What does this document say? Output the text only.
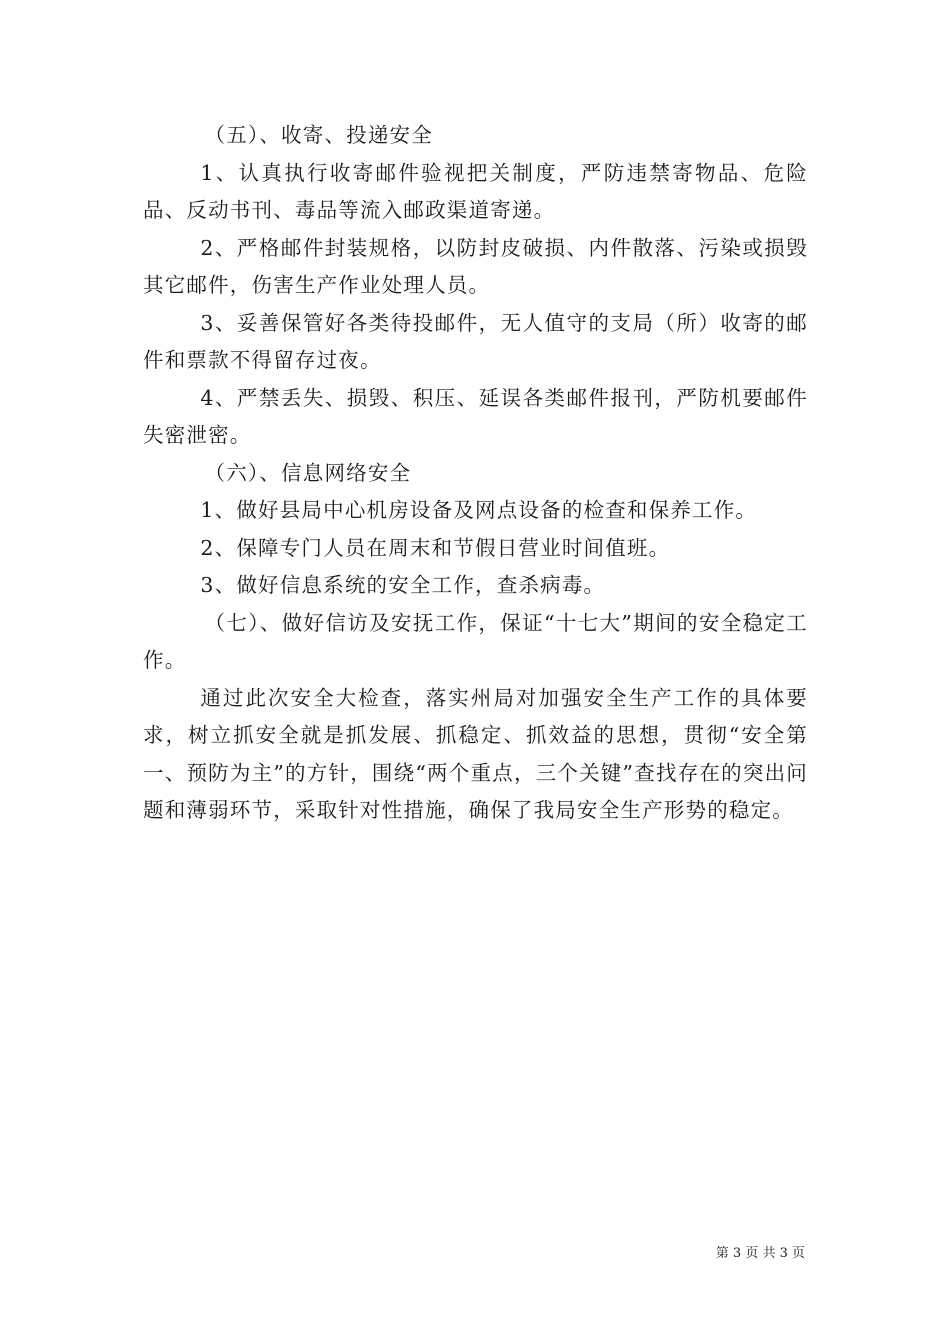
（五）、收寄、投递安全

1、认真执行收寄邮件验视把关制度，严防违禁寄物品、危险品、反动书刊、毒品等流入邮政渠道寄递。

2、严格邮件封装规格，以防封皮破损、内件散落、污染或损毁其它邮件，伤害生产作业处理人员。

3、妥善保管好各类待投邮件，无人值守的支局（所）收寄的邮件和票款不得留存过夜。

4、严禁丢失、损毁、积压、延误各类邮件报刊，严防机要邮件失密泄密。

（六）、信息网络安全

1、做好县局中心机房设备及网点设备的检查和保养工作。

2、保障专门人员在周末和节假日营业时间值班。

3、做好信息系统的安全工作，查杀病毒。

（七）、做好信访及安抚工作，保证“十七大”期间的安全稳定工作。

通过此次安全大检查，落实州局对加强安全生产工作的具体要求，树立抓安全就是抓发展、抓稳定、抓效益的思想，贯彻“安全第一、预防为主”的方针，围绕“两个重点，三个关键”查找存在的突出问题和薄弱环节，采取针对性措施，确保了我局安全生产形势的稳定。

第 3 页 共 3 页
